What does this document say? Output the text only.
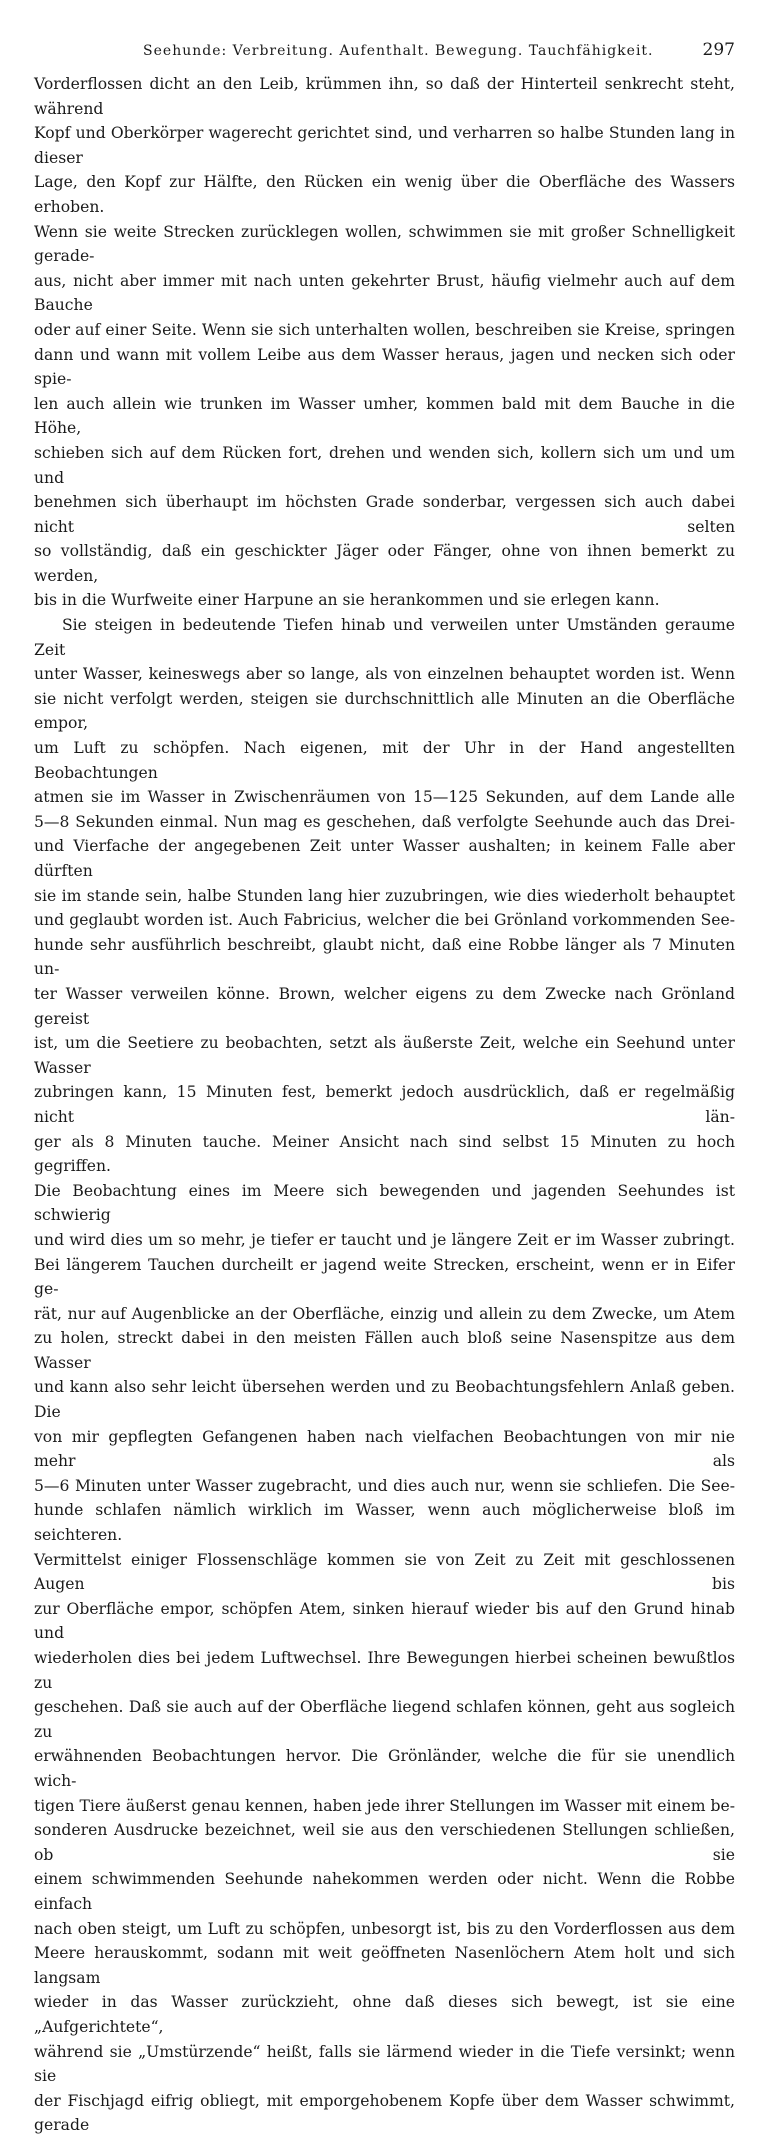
Seehunde: Verbreitung. Aufenthalt. Bewegung. Tauchfähigkeit.	297

Vorderflossen dicht an den Leib, krümmen ihn, so daß der Hinterteil senkrecht steht, während

Kopf und Oberkörper wagerecht gerichtet sind, und verharren so halbe Stunden lang in dieser

Lage, den Kopf zur Hälfte, den Rücken ein wenig über die Oberfläche des Wassers erhoben.

Wenn sie weite Strecken zurücklegen wollen, schwimmen sie mit großer Schnelligkeit gerade-

aus, nicht aber immer mit nach unten gekehrter Brust, häufig vielmehr auch auf dem Bauche

oder auf einer Seite. Wenn sie sich unterhalten wollen, beschreiben sie Kreise, springen

dann und wann mit vollem Leibe aus dem Wasser heraus, jagen und necken sich oder spie-

len auch allein wie trunken im Wasser umher, kommen bald mit dem Bauche in die Höhe,

schieben sich auf dem Rücken fort, drehen und wenden sich, kollern sich um und um und

benehmen sich überhaupt im höchsten Grade sonderbar, vergessen sich auch dabei nicht selten

so vollständig, daß ein geschickter Jäger oder Fänger, ohne von ihnen bemerkt zu werden,

bis in die Wurfweite einer Harpune an sie herankommen und sie erlegen kann.

Sie steigen in bedeutende Tiefen hinab und verweilen unter Umständen geraume Zeit

unter Wasser, keineswegs aber so lange, als von einzelnen behauptet worden ist. Wenn

sie nicht verfolgt werden, steigen sie durchschnittlich alle Minuten an die Oberfläche empor,

um Luft zu schöpfen. Nach eigenen, mit der Uhr in der Hand angestellten Beobachtungen

atmen sie im Wasser in Zwischenräumen von 15—125 Sekunden, auf dem Lande alle

5—8 Sekunden einmal. Nun mag es geschehen, daß verfolgte Seehunde auch das Drei-

und Vierfache der angegebenen Zeit unter Wasser aushalten; in keinem Falle aber dürften

sie im stande sein, halbe Stunden lang hier zuzubringen, wie dies wiederholt behauptet

und geglaubt worden ist. Auch Fabricius, welcher die bei Grönland vorkommenden See-

hunde sehr ausführlich beschreibt, glaubt nicht, daß eine Robbe länger als 7 Minuten un-

ter Wasser verweilen könne. Brown, welcher eigens zu dem Zwecke nach Grönland gereist

ist, um die Seetiere zu beobachten, setzt als äußerste Zeit, welche ein Seehund unter Wasser

zubringen kann, 15 Minuten fest, bemerkt jedoch ausdrücklich, daß er regelmäßig nicht län-

ger als 8 Minuten tauche. Meiner Ansicht nach sind selbst 15 Minuten zu hoch gegriffen.

Die Beobachtung eines im Meere sich bewegenden und jagenden Seehundes ist schwierig

und wird dies um so mehr, je tiefer er taucht und je längere Zeit er im Wasser zubringt.

Bei längerem Tauchen durcheilt er jagend weite Strecken, erscheint, wenn er in Eifer ge-

rät, nur auf Augenblicke an der Oberfläche, einzig und allein zu dem Zwecke, um Atem

zu holen, streckt dabei in den meisten Fällen auch bloß seine Nasenspitze aus dem Wasser

und kann also sehr leicht übersehen werden und zu Beobachtungsfehlern Anlaß geben. Die

von mir gepflegten Gefangenen haben nach vielfachen Beobachtungen von mir nie mehr als

5—6 Minuten unter Wasser zugebracht, und dies auch nur, wenn sie schliefen. Die See-

hunde schlafen nämlich wirklich im Wasser, wenn auch möglicherweise bloß im seichteren.

Vermittelst einiger Flossenschläge kommen sie von Zeit zu Zeit mit geschlossenen Augen bis

zur Oberfläche empor, schöpfen Atem, sinken hierauf wieder bis auf den Grund hinab und

wiederholen dies bei jedem Luftwechsel. Ihre Bewegungen hierbei scheinen bewußtlos zu

geschehen. Daß sie auch auf der Oberfläche liegend schlafen können, geht aus sogleich zu

erwähnenden Beobachtungen hervor. Die Grönländer, welche die für sie unendlich wich-

tigen Tiere äußerst genau kennen, haben jede ihrer Stellungen im Wasser mit einem be-

sonderen Ausdrucke bezeichnet, weil sie aus den verschiedenen Stellungen schließen, ob sie

einem schwimmenden Seehunde nahekommen werden oder nicht. Wenn die Robbe einfach

nach oben steigt, um Luft zu schöpfen, unbesorgt ist, bis zu den Vorderflossen aus dem

Meere herauskommt, sodann mit weit geöffneten Nasenlöchern Atem holt und sich langsam

wieder in das Wasser zurückzieht, ohne daß dieses sich bewegt, ist sie eine „Aufgerichtete“,

während sie „Umstürzende“ heißt, falls sie lärmend wieder in die Tiefe versinkt; wenn sie

der Fischjagd eifrig obliegt, mit emporgehobenem Kopfe über dem Wasser schwimmt, gerade
